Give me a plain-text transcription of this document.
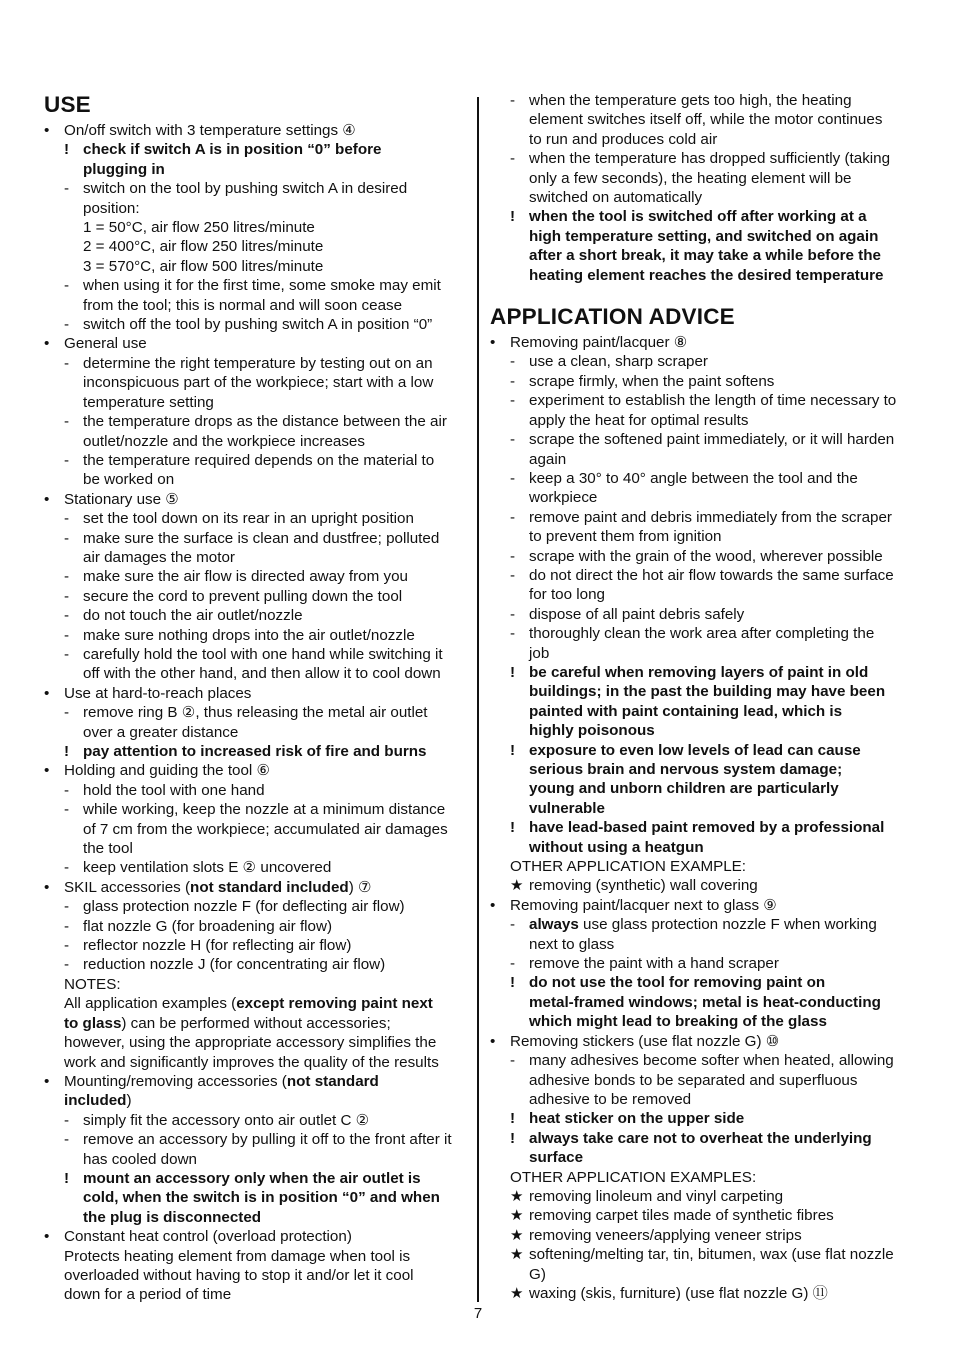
USE
• On/off switch with 3 temperature settings ④
! check if switch A is in position “0” before
plugging in
- switch on the tool by pushing switch A in desired
position:
1 = 50°C, air flow 250 litres/minute
2 = 400°C, air flow 250 litres/minute
3 = 570°C, air flow 500 litres/minute
- when using it for the first time, some smoke may emit
from the tool; this is normal and will soon cease
- switch off the tool by pushing switch A in position “0”
• General use
- determine the right temperature by testing out on an
inconspicuous part of the workpiece; start with a low
temperature setting
- the temperature drops as the distance between the air
outlet/nozzle and the workpiece increases
- the temperature required depends on the material to
be worked on
• Stationary use ⑤
- set the tool down on its rear in an upright position
- make sure the surface is clean and dustfree; polluted
air damages the motor
- make sure the air flow is directed away from you
- secure the cord to prevent pulling down the tool
- do not touch the air outlet/nozzle
- make sure nothing drops into the air outlet/nozzle
- carefully hold the tool with one hand while switching it
off with the other hand, and then allow it to cool down
• Use at hard-to-reach places
- remove ring B ②, thus releasing the metal air outlet
over a greater distance
! pay attention to increased risk of fire and burns
• Holding and guiding the tool ⑥
- hold the tool with one hand
- while working, keep the nozzle at a minimum distance
of 7 cm from the workpiece; accumulated air damages
the tool
- keep ventilation slots E ② uncovered
• SKIL accessories (not standard included) ⑦
- glass protection nozzle F (for deflecting air flow)
- flat nozzle G (for broadening air flow)
- reflector nozzle H (for reflecting air flow)
- reduction nozzle J (for concentrating air flow)
NOTES:
All application examples (except removing paint next
to glass) can be performed without accessories;
however, using the appropriate accessory simplifies the
work and significantly improves the quality of the results
• Mounting/removing accessories (not standard
included)
- simply fit the accessory onto air outlet C ②
- remove an accessory by pulling it off to the front after it
has cooled down
! mount an accessory only when the air outlet is
cold, when the switch is in position “0” and when
the plug is disconnected
• Constant heat control (overload protection)
Protects heating element from damage when tool is
overloaded without having to stop it and/or let it cool
down for a period of time
- when the temperature gets too high, the heating
element switches itself off, while the motor continues
to run and produces cold air
- when the temperature has dropped sufficiently (taking
only a few seconds), the heating element will be
switched on automatically
! when the tool is switched off after working at a
high temperature setting, and switched on again
after a short break, it may take a while before the
heating element reaches the desired temperature
APPLICATION ADVICE
• Removing paint/lacquer ⑧
- use a clean, sharp scraper
- scrape firmly, when the paint softens
- experiment to establish the length of time necessary to
apply the heat for optimal results
- scrape the softened paint immediately, or it will harden
again
- keep a 30° to 40° angle between the tool and the
workpiece
- remove paint and debris immediately from the scraper
to prevent them from ignition
- scrape with the grain of the wood, wherever possible
- do not direct the hot air flow towards the same surface
for too long
- dispose of all paint debris safely
- thoroughly clean the work area after completing the
job
! be careful when removing layers of paint in old
buildings; in the past the building may have been
painted with paint containing lead, which is
highly poisonous
! exposure to even low levels of lead can cause
serious brain and nervous system damage;
young and unborn children are particularly
vulnerable
! have lead-based paint removed by a professional
without using a heatgun
OTHER APPLICATION EXAMPLE:
★ removing (synthetic) wall covering
• Removing paint/lacquer next to glass ⑨
- always use glass protection nozzle F when working
next to glass
- remove the paint with a hand scraper
! do not use the tool for removing paint on
metal-framed windows; metal is heat-conducting
which might lead to breaking of the glass
• Removing stickers (use flat nozzle G) ⑩
- many adhesives become softer when heated, allowing
adhesive bonds to be separated and superfluous
adhesive to be removed
! heat sticker on the upper side
! always take care not to overheat the underlying
surface
OTHER APPLICATION EXAMPLES:
★ removing linoleum and vinyl carpeting
★ removing carpet tiles made of synthetic fibres
★ removing veneers/applying veneer strips
★ softening/melting tar, tin, bitumen, wax (use flat nozzle
G)
★ waxing (skis, furniture) (use flat nozzle G) ⑪
7
